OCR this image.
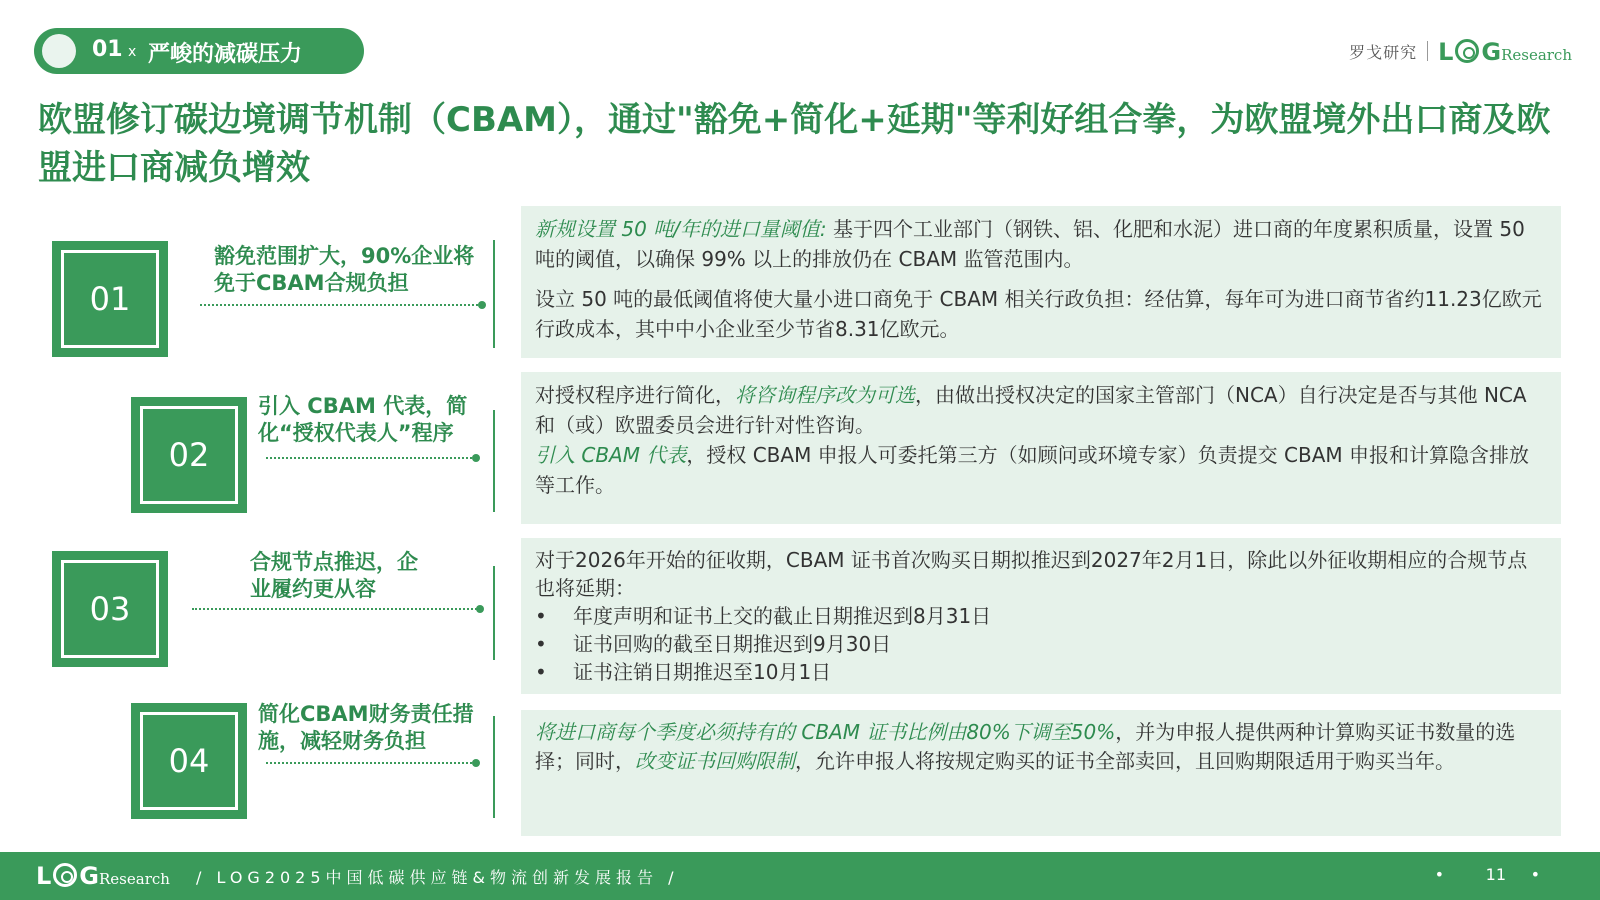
01 x 严峻的减碳压力	罗戈研究 L G Research
欧盟修订碳边境调节机制（CBAM），通过"豁免+简化+延期"等利好组合拳，为欧盟境外出口商及欧盟进口商减负增效
01
豁免范围扩大，90%企业将免于CBAM合规负担
02
引入 CBAM 代表，简化“授权代表人”程序
03
合规节点推迟，企业履约更从容
04
简化CBAM财务责任措施，减轻财务负担

新规设置 50 吨/年的进口量阈值: 基于四个工业部门（钢铁、铝、化肥和水泥）进口商的年度累积质量，设置 50 吨的阈值，以确保 99% 以上的排放仍在 CBAM 监管范围内。

设立 50 吨的最低阈值将使大量小进口商免于 CBAM 相关行政负担：经估算，每年可为进口商节省约11.23亿欧元行政成本，其中中小企业至少节省8.31亿欧元。

对授权程序进行简化，将咨询程序改为可选，由做出授权决定的国家主管部门（NCA）自行决定是否与其他 NCA 和（或）欧盟委员会进行针对性咨询。

引入 CBAM 代表，授权 CBAM 申报人可委托第三方（如顾问或环境专家）负责提交 CBAM 申报和计算隐含排放等工作。

对于2026年开始的征收期，CBAM 证书首次购买日期拟推迟到2027年2月1日，除此以外征收期相应的合规节点也将延期：

•	年度声明和证书上交的截止日期推迟到8月31日
•	证书回购的截至日期推迟到9月30日
•	证书注销日期推迟至10月1日

将进口商每个季度必须持有的 CBAM 证书比例由80%下调至50%，并为申报人提供两种计算购买证书数量的选择；同时，改变证书回购限制，允许申报人将按规定购买的证书全部卖回，且回购期限适用于购买当年。

L G Research / LOG2025中国低碳供应链&物流创新发展报告 /	•	11 •
